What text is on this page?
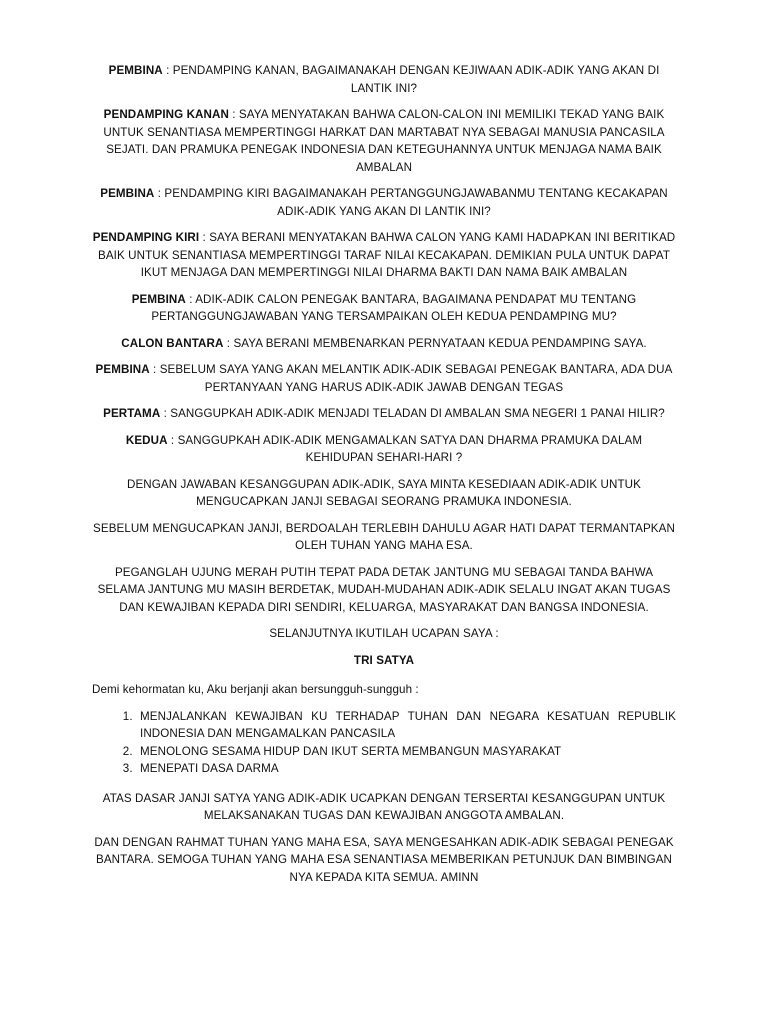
PEMBINA : PENDAMPING KANAN, BAGAIMANAKAH DENGAN KEJIWAAN ADIK-ADIK YANG AKAN DI LANTIK INI?

PENDAMPING KANAN : SAYA MENYATAKAN BAHWA CALON-CALON INI MEMILIKI TEKAD YANG BAIK UNTUK SENANTIASA MEMPERTINGGI HARKAT DAN MARTABAT NYA SEBAGAI MANUSIA PANCASILA SEJATI. DAN PRAMUKA PENEGAK INDONESIA DAN KETEGUHANNYA UNTUK MENJAGA NAMA BAIK AMBALAN

PEMBINA : PENDAMPING KIRI BAGAIMANAKAH PERTANGGUNGJAWABANMU TENTANG KECAKAPAN ADIK-ADIK YANG AKAN DI LANTIK INI?

PENDAMPING KIRI : SAYA BERANI MENYATAKAN BAHWA CALON YANG KAMI HADAPKAN INI BERITIKAD BAIK UNTUK SENANTIASA MEMPERTINGGI TARAF NILAI KECAKAPAN. DEMIKIAN PULA UNTUK DAPAT IKUT MENJAGA DAN MEMPERTINGGI NILAI DHARMA BAKTI DAN NAMA BAIK AMBALAN

PEMBINA : ADIK-ADIK CALON PENEGAK BANTARA, BAGAIMANA PENDAPAT MU TENTANG PERTANGGUNGJAWABAN YANG TERSAMPAIKAN OLEH KEDUA PENDAMPING MU?

CALON BANTARA : SAYA BERANI MEMBENARKAN PERNYATAAN KEDUA PENDAMPING SAYA.

PEMBINA : SEBELUM SAYA YANG AKAN MELANTIK ADIK-ADIK SEBAGAI PENEGAK BANTARA, ADA DUA PERTANYAAN YANG HARUS ADIK-ADIK JAWAB DENGAN TEGAS

PERTAMA : SANGGUPKAH ADIK-ADIK MENJADI TELADAN DI AMBALAN SMA NEGERI 1 PANAI HILIR?

KEDUA : SANGGUPKAH ADIK-ADIK MENGAMALKAN SATYA DAN DHARMA PRAMUKA DALAM KEHIDUPAN SEHARI-HARI ?

DENGAN JAWABAN KESANGGUPAN ADIK-ADIK, SAYA MINTA KESEDIAAN ADIK-ADIK UNTUK MENGUCAPKAN JANJI SEBAGAI SEORANG PRAMUKA INDONESIA.

SEBELUM MENGUCAPKAN JANJI, BERDOALAH TERLEBIH DAHULU AGAR HATI DAPAT TERMANTAPKAN OLEH TUHAN YANG MAHA ESA.

PEGANGLAH UJUNG MERAH PUTIH TEPAT PADA DETAK JANTUNG MU SEBAGAI TANDA BAHWA SELAMA JANTUNG MU MASIH BERDETAK, MUDAH-MUDAHAN ADIK-ADIK SELALU INGAT AKAN TUGAS DAN KEWAJIBAN KEPADA DIRI SENDIRI, KELUARGA, MASYARAKAT DAN BANGSA INDONESIA.

SELANJUTNYA IKUTILAH UCAPAN SAYA :

TRI SATYA

Demi kehormatan ku, Aku berjanji akan bersungguh-sungguh :

1. MENJALANKAN KEWAJIBAN KU TERHADAP TUHAN DAN NEGARA KESATUAN REPUBLIK INDONESIA DAN MENGAMALKAN PANCASILA
2. MENOLONG SESAMA HIDUP DAN IKUT SERTA MEMBANGUN MASYARAKAT
3. MENEPATI DASA DARMA

ATAS DASAR JANJI SATYA YANG ADIK-ADIK UCAPKAN DENGAN TERSERTAI KESANGGUPAN UNTUK MELAKSANAKAN TUGAS DAN KEWAJIBAN ANGGOTA AMBALAN.

DAN DENGAN RAHMAT TUHAN YANG MAHA ESA, SAYA MENGESAHKAN ADIK-ADIK SEBAGAI PENEGAK BANTARA. SEMOGA TUHAN YANG MAHA ESA SENANTIASA MEMBERIKAN PETUNJUK DAN BIMBINGAN NYA KEPADA KITA SEMUA. AMINN
